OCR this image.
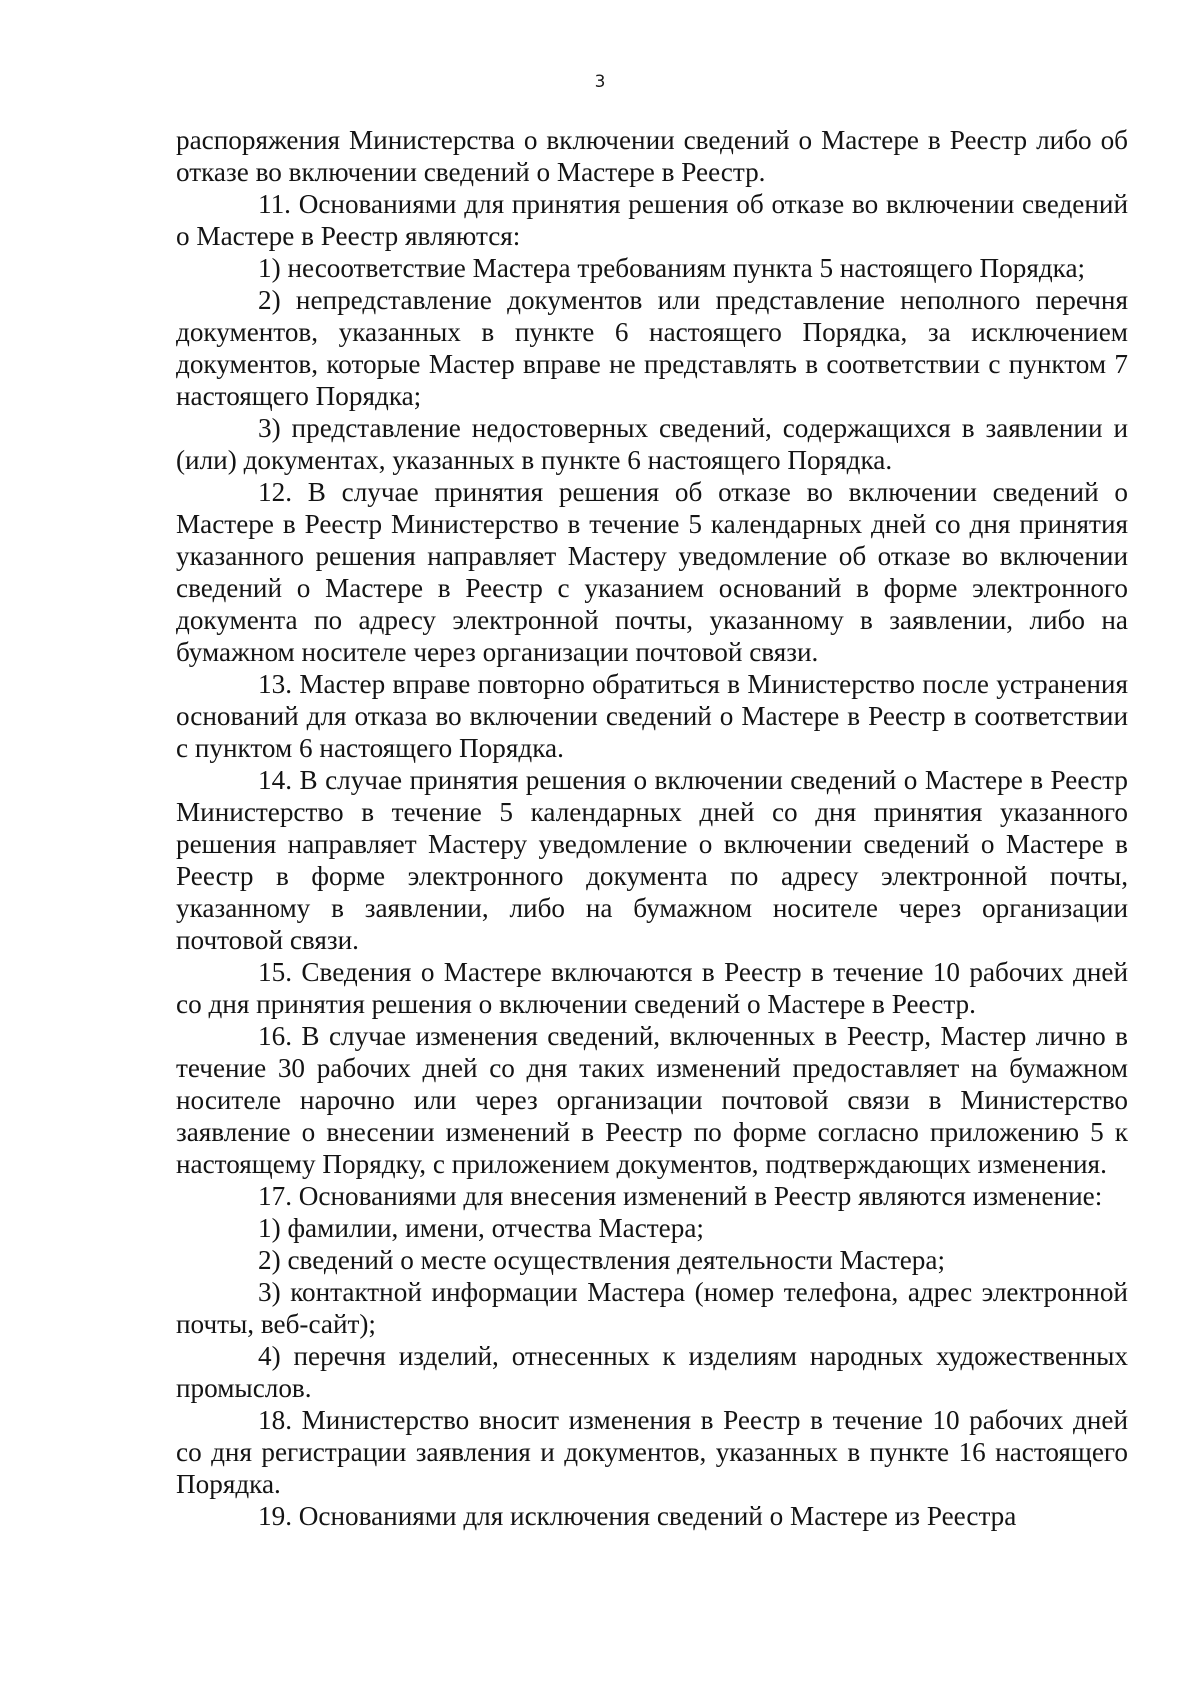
3

распоряжения Министерства о включении сведений о Мастере в Реестр либо об отказе во включении сведений о Мастере в Реестр.

11. Основаниями для принятия решения об отказе во включении сведений о Мастере в Реестр являются:

1) несоответствие Мастера требованиям пункта 5 настоящего Порядка;

2) непредставление документов или представление неполного перечня документов, указанных в пункте 6 настоящего Порядка, за исключением документов, которые Мастер вправе не представлять в соответствии с пунктом 7 настоящего Порядка;

3) представление недостоверных сведений, содержащихся в заявлении и (или) документах, указанных в пункте 6 настоящего Порядка.

12. В случае принятия решения об отказе во включении сведений о Мастере в Реестр Министерство в течение 5 календарных дней со дня принятия указанного решения направляет Мастеру уведомление об отказе во включении сведений о Мастере в Реестр с указанием оснований в форме электронного документа по адресу электронной почты, указанному в заявлении, либо на бумажном носителе через организации почтовой связи.

13. Мастер вправе повторно обратиться в Министерство после устранения оснований для отказа во включении сведений о Мастере в Реестр в соответствии с пунктом 6 настоящего Порядка.

14. В случае принятия решения о включении сведений о Мастере в Реестр Министерство в течение 5 календарных дней со дня принятия указанного решения направляет Мастеру уведомление о включении сведений о Мастере в Реестр в форме электронного документа по адресу электронной почты, указанному в заявлении, либо на бумажном носителе через организации почтовой связи.

15. Сведения о Мастере включаются в Реестр в течение 10 рабочих дней со дня принятия решения о включении сведений о Мастере в Реестр.

16. В случае изменения сведений, включенных в Реестр, Мастер лично в течение 30 рабочих дней со дня таких изменений предоставляет на бумажном носителе нарочно или через организации почтовой связи в Министерство заявление о внесении изменений в Реестр по форме согласно приложению 5 к настоящему Порядку, с приложением документов, подтверждающих изменения.

17. Основаниями для внесения изменений в Реестр являются изменение:

1) фамилии, имени, отчества Мастера;

2) сведений о месте осуществления деятельности Мастера;

3) контактной информации Мастера (номер телефона, адрес электронной почты, веб-сайт);

4) перечня изделий, отнесенных к изделиям народных художественных промыслов.

18. Министерство вносит изменения в Реестр в течение 10 рабочих дней со дня регистрации заявления и документов, указанных в пункте 16 настоящего Порядка.

19. Основаниями для исключения сведений о Мастере из Реестра
